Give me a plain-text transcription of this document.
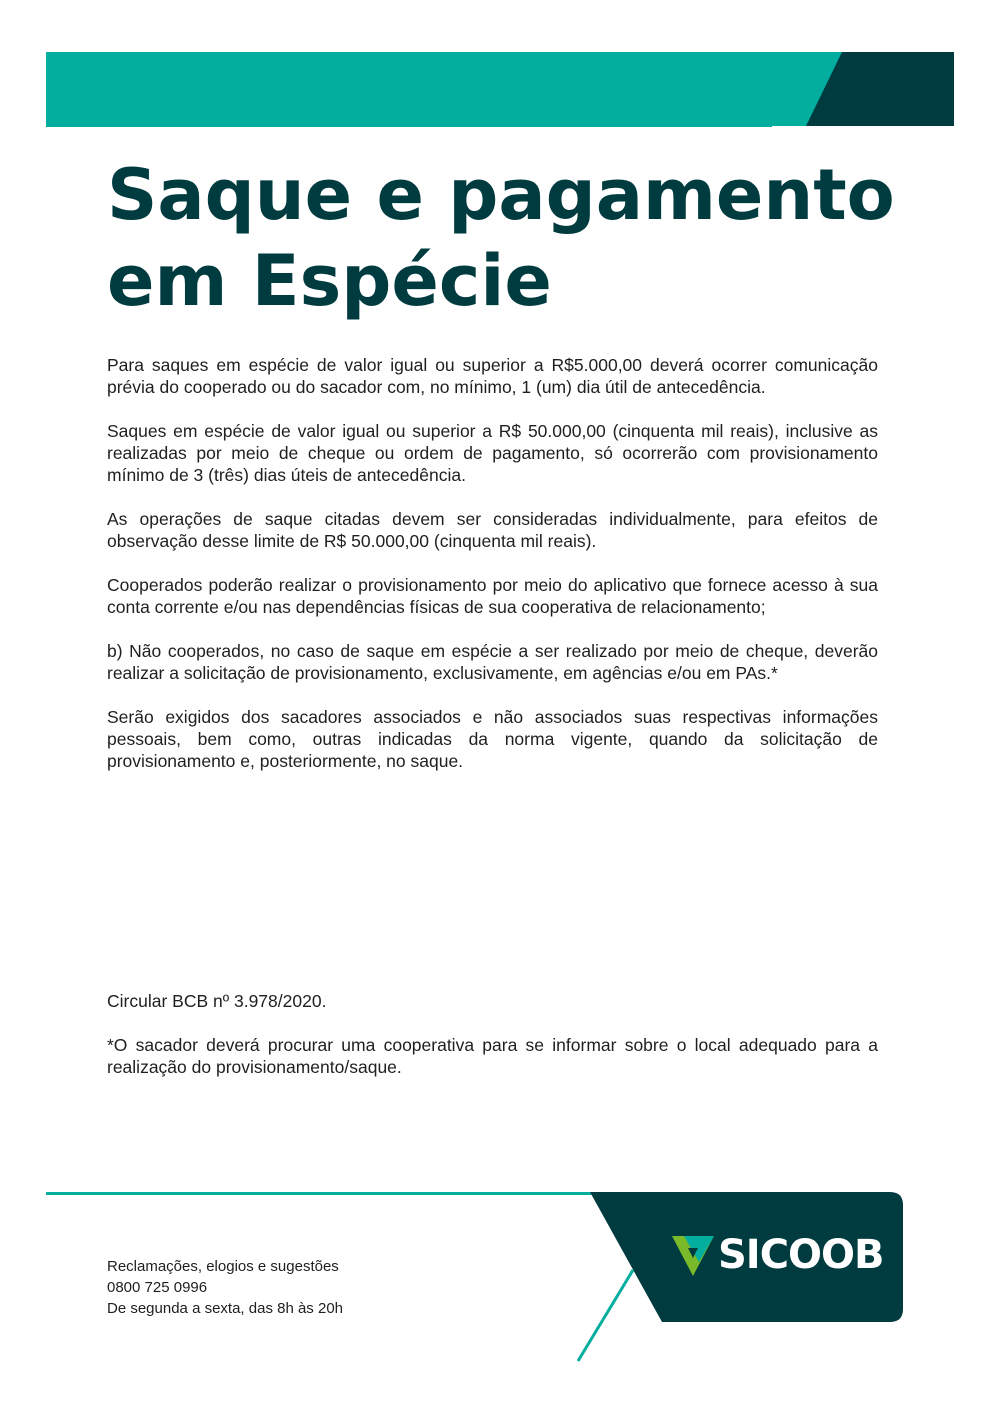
Saque e pagamento
em Espécie

Para saques em espécie de valor igual ou superior a R$5.000,00 deverá ocorrer comunicação prévia do cooperado ou do sacador com, no mínimo, 1 (um) dia útil de antecedência.

Saques em espécie de valor igual ou superior a R$ 50.000,00 (cinquenta mil reais), inclusive as realizadas por meio de cheque ou ordem de pagamento, só ocorrerão com provisionamento mínimo de 3 (três) dias úteis de antecedência.

As operações de saque citadas devem ser consideradas individualmente, para efeitos de observação desse limite de R$ 50.000,00 (cinquenta mil reais).

Cooperados poderão realizar o provisionamento por meio do aplicativo que fornece acesso à sua conta corrente e/ou nas dependências físicas de sua cooperativa de relacionamento;

b) Não cooperados, no caso de saque em espécie a ser realizado por meio de cheque, deverão realizar a solicitação de provisionamento, exclusivamente, em agências e/ou em PAs.*

Serão exigidos dos sacadores associados e não associados suas respectivas informações pessoais, bem como, outras indicadas da norma vigente, quando da solicitação de provisionamento e, posteriormente, no saque.

Circular BCB nº 3.978/2020.

*O sacador deverá procurar uma cooperativa para se informar sobre o local adequado para a realização do provisionamento/saque.

Reclamações, elogios e sugestões
0800 725 0996
De segunda a sexta, das 8h às 20h
SICOOB
